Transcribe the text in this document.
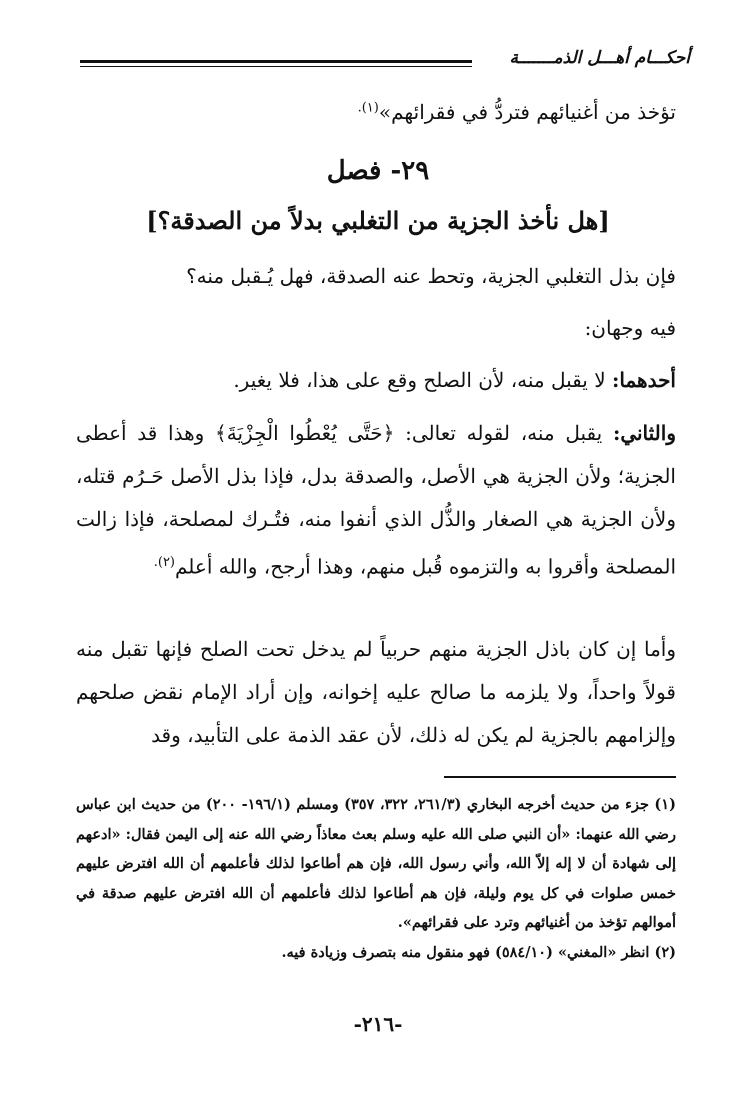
أحكـــام أهـــل الذمـــــــة
تؤخذ من أغنيائهم فتردُّ في فقرائهم»$^{(١).}$
٢٩- فصل
[هل نأخذ الجزية من التغلبي بدلاً من الصدقة؟]
فإن بذل التغلبي الجزية، وتحط عنه الصدقة، فهل يُـقبل منه؟
فيه وجهان:
أحدهما: لا يقبل منه، لأن الصلح وقع على هذا، فلا يغير.
والثاني: يقبل منه، لقوله تعالى: ﴿حَتَّى يُعْطُوا الْجِزْيَةَ﴾ وهذا قد أعطى الجزية؛ ولأن الجزية هي الأصل، والصدقة بدل، فإذا بذل الأصل حَـرُم قتله، ولأن الجزية هي الصغار والذُّل الذي أنفوا منه، فتُـرك لمصلحة، فإذا زالت المصلحة وأقروا به والتزموه قُبل منهم، وهذا أرجح، والله أعلم$^{(٢).}$
وأما إن كان باذل الجزية منهم حربياً لم يدخل تحت الصلح فإنها تقبل منه قولاً واحداً، ولا يلزمه ما صالح عليه إخوانه، وإن أراد الإمام نقض صلحهم وإلزامهم بالجزية لم يكن له ذلك، لأن عقد الذمة على التأبيد، وقد
(١) جزء من حديث أخرجه البخاري (٢٦١/٣، ٣٢٢، ٣٥٧) ومسلم (١٩٦/١- ٢٠٠) من حديث ابن عباس رضي الله عنهما: «أن النبي صلى الله عليه وسلم بعث معاذاً رضي الله عنه إلى اليمن فقال: «ادعهم إلى شهادة أن لا إله إلاّ الله، وأني رسول الله، فإن هم أطاعوا لذلك فأعلمهم أن الله افترض عليهم خمس صلوات في كل يوم وليلة، فإن هم أطاعوا لذلك فأعلمهم أن الله افترض عليهم صدقة في أموالهم تؤخذ من أغنيائهم وترد على فقرائهم».
(٢) انظر «المغني» (٥٨٤/١٠) فهو منقول منه بتصرف وزيادة فيه.
-٢١٦-
